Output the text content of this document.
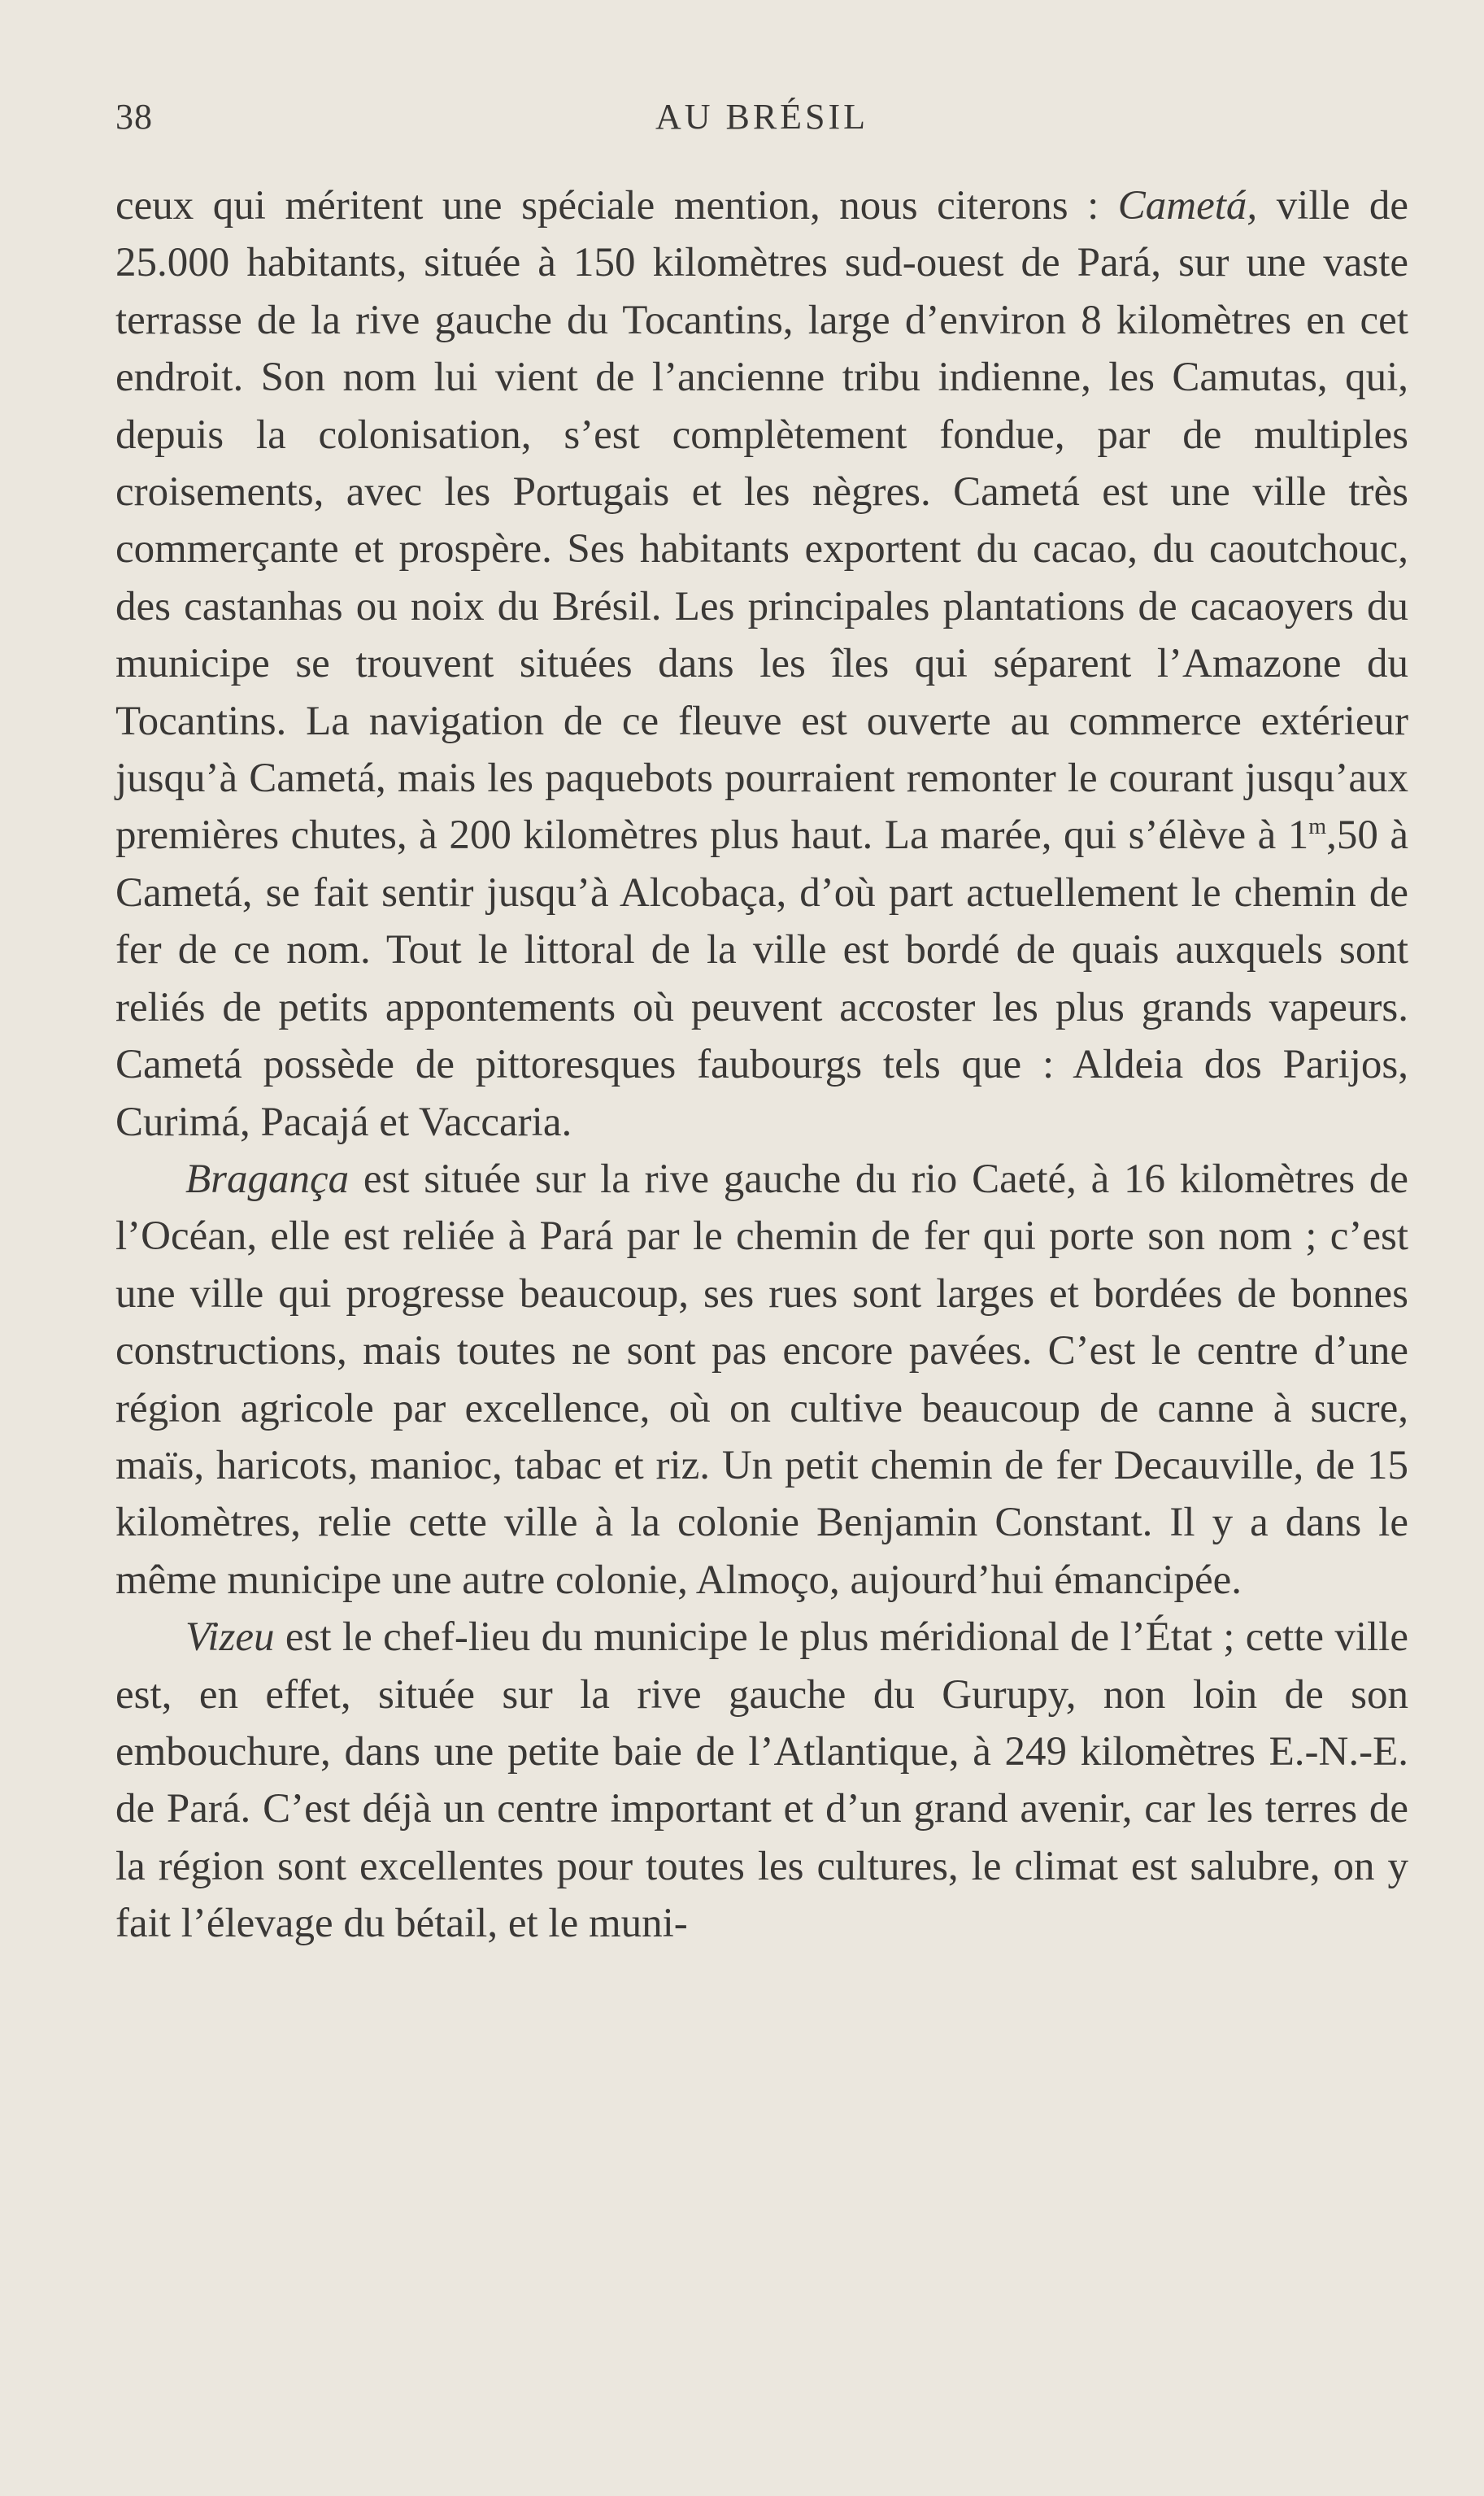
38	AU BRÉSIL

ceux qui méritent une spéciale mention, nous citerons : Cametá, ville de 25.000 habitants, située à 150 kilomètres sud-ouest de Pará, sur une vaste terrasse de la rive gauche du Tocantins, large d’environ 8 kilomètres en cet endroit. Son nom lui vient de l’ancienne tribu indienne, les Camutas, qui, depuis la colonisation, s’est complètement fondue, par de multiples croisements, avec les Portugais et les nègres. Cametá est une ville très commerçante et prospère. Ses habitants exportent du cacao, du caoutchouc, des castanhas ou noix du Brésil. Les principales plantations de cacaoyers du municipe se trouvent situées dans les îles qui séparent l’Amazone du Tocantins. La navigation de ce fleuve est ouverte au commerce extérieur jusqu’à Cametá, mais les paquebots pourraient remonter le courant jusqu’aux premières chutes, à 200 kilomètres plus haut. La marée, qui s’élève à 1$^m$,50 à Cametá, se fait sentir jusqu’à Alcobaça, d’où part actuellement le chemin de fer de ce nom. Tout le littoral de la ville est bordé de quais auxquels sont reliés de petits appontements où peuvent accoster les plus grands vapeurs. Cametá possède de pittoresques faubourgs tels que : Aldeia dos Parijos, Curimá, Pacajá et Vaccaria.

Bragança est située sur la rive gauche du rio Caeté, à 16 kilomètres de l’Océan, elle est reliée à Pará par le chemin de fer qui porte son nom ; c’est une ville qui progresse beaucoup, ses rues sont larges et bordées de bonnes constructions, mais toutes ne sont pas encore pavées. C’est le centre d’une région agricole par excellence, où on cultive beaucoup de canne à sucre, maïs, haricots, manioc, tabac et riz. Un petit chemin de fer Decauville, de 15 kilomètres, relie cette ville à la colonie Benjamin Constant. Il y a dans le même municipe une autre colonie, Almoço, aujourd’hui émancipée.

Vizeu est le chef-lieu du municipe le plus méridional de l’État ; cette ville est, en effet, située sur la rive gauche du Gurupy, non loin de son embouchure, dans une petite baie de l’Atlantique, à 249 kilomètres E.-N.-E. de Pará. C’est déjà un centre important et d’un grand avenir, car les terres de la région sont excellentes pour toutes les cultures, le climat est salubre, on y fait l’élevage du bétail, et le muni-
